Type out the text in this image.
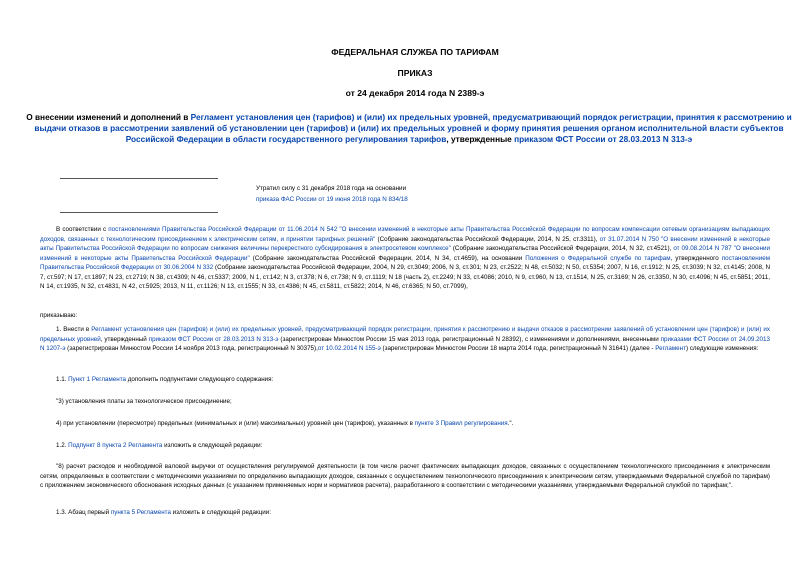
ФЕДЕРАЛЬНАЯ СЛУЖБА ПО ТАРИФАМ
ПРИКАЗ
от 24 декабря 2014 года N 2389-э
О внесении изменений и дополнений в Регламент установления цен (тарифов) и (или) их предельных уровней, предусматривающий порядок регистрации, принятия к рассмотрению и выдачи отказов в рассмотрении заявлений об установлении цен (тарифов) и (или) их предельных уровней и форму принятия решения органом исполнительной власти субъектов Российской Федерации в области государственного регулирования тарифов, утвержденные приказом ФСТ России от 28.03.2013 N 313-э
Утратил силу с 31 декабря 2018 года на основании
приказа ФАС России от 19 июня 2018 года N 834/18
В соответствии с постановлениями Правительства Российской Федерации от 11.06.2014 N 542 "О внесении изменений в некоторые акты Правительства Российской Федерации по вопросам компенсации сетевым организациям выпадающих доходов, связанных с технологическим присоединением к электрическим сетям, и принятии тарифных решений" (Собрание законодательства Российской Федерации, 2014, N 25, ст.3311), от 31.07.2014 N 750 "О внесении изменений в некоторые акты Правительства Российской Федерации по вопросам снижения величины перекрестного субсидирования в электросетевом комплексе" (Собрание законодательства Российской Федерации, 2014, N 32, ст.4521), от 09.08.2014 N 787 "О внесении изменений в некоторые акты Правительства Российской Федерации" (Собрание законодательства Российской Федерации, 2014, N 34, ст.4659), на основании Положения о Федеральной службе по тарифам, утвержденного постановлением Правительства Российской Федерации от 30.06.2004 N 332 (Собрание законодательства Российской Федерации, 2004, N 29, ст.3049; 2006, N 3, ст.301; N 23, ст.2522; N 48, ст.5032; N 50, ст.5354; 2007, N 16, ст.1912; N 25, ст.3039; N 32, ст.4145; 2008, N 7, ст.597; N 17, ст.1897; N 23, ст.2719; N 38, ст.4309; N 46, ст.5337; 2009, N 1, ст.142; N 3, ст.378; N 6, ст.738; N 9, ст.1119; N 18 (часть 2), ст.2249; N 33, ст.4086; 2010, N 9, ст.960, N 13, ст.1514, N 25, ст.3169; N 26, ст.3350, N 30, ст.4096; N 45, ст.5851; 2011, N 14, ст.1935, N 32, ст.4831, N 42, ст.5925; 2013, N 11, ст.1126; N 13, ст.1555; N 33, ст.4386; N 45, ст.5811, ст.5822; 2014, N 46, ст.6365; N 50, ст.7099),
приказываю:
1. Внести в Регламент установления цен (тарифов) и (или) их предельных уровней, предусматривающий порядок регистрации, принятия к рассмотрению и выдачи отказов в рассмотрении заявлений об установлении цен (тарифов) и (или) их предельных уровней, утвержденный приказом ФСТ России от 28.03.2013 N 313-э (зарегистрирован Минюстом России 15 мая 2013 года, регистрационный N 28392), с изменениями и дополнениями, внесенными приказами ФСТ России от 24.09.2013 N 1207-э (зарегистрирован Минюстом России 14 ноября 2013 года, регистрационный N 30375),от 10.02.2014 N 155-э (зарегистрирован Минюстом России 18 марта 2014 года, регистрационный N 31641) (далее - Регламент) следующие изменения:
1.1. Пункт 1 Регламента дополнить подпунктами следующего содержания:
"3) установления платы за технологическое присоединение;
4) при установлении (пересмотре) предельных (минимальных и (или) максимальных) уровней цен (тарифов), указанных в пункте 3 Правил регулирования.".
1.2. Подпункт 8 пункта 2 Регламента изложить в следующей редакции:
"8) расчет расходов и необходимой валовой выручки от осуществления регулируемой деятельности (в том числе расчет фактических выпадающих доходов, связанных с осуществлением технологического присоединения к электрическим сетям, определяемых в соответствии с методическими указаниями по определению выпадающих доходов, связанных с осуществлением технологического присоединения к электрическим сетям, утверждаемыми Федеральной службой по тарифам) с приложением экономического обоснования исходных данных (с указанием применяемых норм и нормативов расчета), разработанного в соответствии с методическими указаниями, утверждаемыми Федеральной службой по тарифам;".
1.3. Абзац первый пункта 5 Регламента изложить в следующей редакции:
